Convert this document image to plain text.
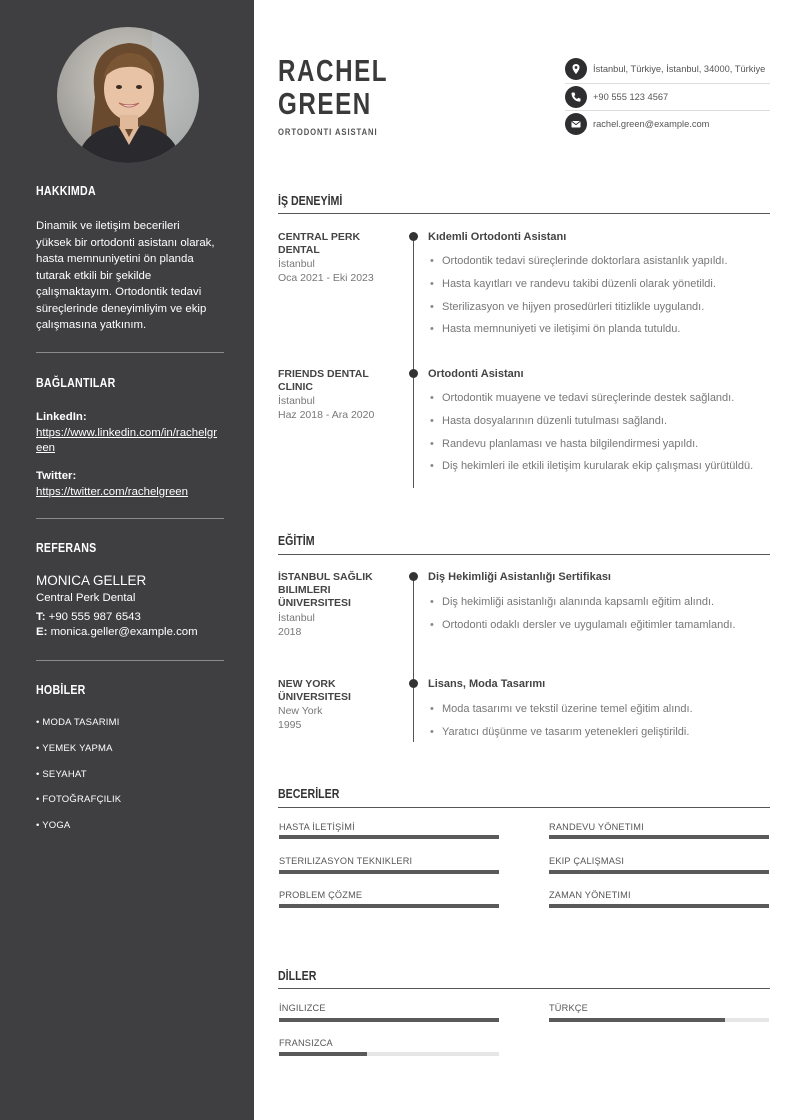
HAKKIMDA
Dinamik ve iletişim becerileri yüksek bir ortodonti asistanı olarak, hasta memnuniyetini ön planda tutarak etkili bir şekilde çalışmaktayım. Ortodontik tedavi süreçlerinde deneyimliyim ve ekip çalışmasına yatkınım.
BAĞLANTILAR
LinkedIn:
https://www.linkedin.com/in/rachelgreen
Twitter:
https://twitter.com/rachelgreen
REFERANS
MONICA GELLER
Central Perk Dental
T: +90 555 987 6543
E: monica.geller@example.com
HOBİLER
• MODA TASARIMI
• YEMEK YAPMA
• SEYAHAT
• FOTOĞRAFÇILIK
• YOGA
RACHEL
GREEN
ORTODONTI ASISTANI
İstanbul, Türkiye, İstanbul, 34000, Türkiye
+90 555 123 4567
rachel.green@example.com
İŞ DENEYİMİ
CENTRAL PERK DENTAL
İstanbul
Oca 2021 - Eki 2023
Kıdemli Ortodonti Asistanı
• Ortodontik tedavi süreçlerinde doktorlara asistanlık yapıldı.
• Hasta kayıtları ve randevu takibi düzenli olarak yönetildi.
• Sterilizasyon ve hijyen prosedürleri titizlikle uygulandı.
• Hasta memnuniyeti ve iletişimi ön planda tutuldu.
FRIENDS DENTAL CLINIC
İstanbul
Haz 2018 - Ara 2020
Ortodonti Asistanı
• Ortodontik muayene ve tedavi süreçlerinde destek sağlandı.
• Hasta dosyalarının düzenli tutulması sağlandı.
• Randevu planlaması ve hasta bilgilendirmesi yapıldı.
• Diş hekimleri ile etkili iletişim kurularak ekip çalışması yürütüldü.
EĞİTİM
İSTANBUL SAĞLIK BILIMLERI ÜNIVERSITESI
İstanbul
2018
Diş Hekimliği Asistanlığı Sertifikası
• Diş hekimliği asistanlığı alanında kapsamlı eğitim alındı.
• Ortodonti odaklı dersler ve uygulamalı eğitimler tamamlandı.
NEW YORK ÜNIVERSITESI
New York
1995
Lisans, Moda Tasarımı
• Moda tasarımı ve tekstil üzerine temel eğitim alındı.
• Yaratıcı düşünme ve tasarım yetenekleri geliştirildi.
BECERİLER
HASTA İLETİŞİMİ	RANDEVU YÖNETIMI
STERILIZASYON TEKNIKLERI	EKIP ÇALIŞMASI
PROBLEM ÇÖZME	ZAMAN YÖNETIMI
DİLLER
İNGILIZCE	TÜRKÇE
FRANSIZCA
